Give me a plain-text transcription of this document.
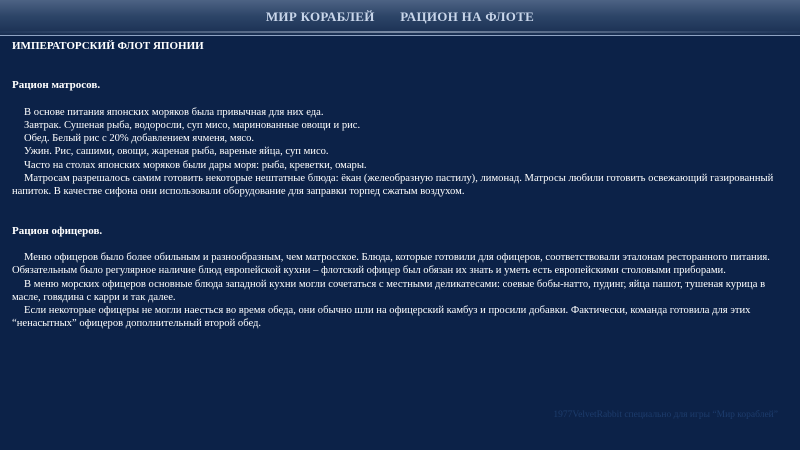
МИР КОРАБЛЕЙ РАЦИОН НА ФЛОТЕ

ИМПЕРАТОРСКИЙ ФЛОТ ЯПОНИИ

Рацион матросов.

В основе питания японских моряков была привычная для них еда.

Завтрак. Сушеная рыба, водоросли, суп мисо, маринованные овощи и рис.

Обед. Белый рис с 20% добавлением ячменя, мясо.

Ужин. Рис, сашими, овощи, жареная рыба, вареные яйца, суп мисо.

Часто на столах японских моряков были дары моря: рыба, креветки, омары.

Матросам разрешалось самим готовить некоторые нештатные блюда: ёкан (желеобразную пастилу), лимонад. Матросы любили готовить освежающий газированный напиток. В качестве сифона они использовали оборудование для заправки торпед сжатым воздухом.

Рацион офицеров.

Меню офицеров было более обильным и разнообразным, чем матросское. Блюда, которые готовили для офицеров, соответствовали эталонам ресторанного питания. Обязательным было регулярное наличие блюд европейской кухни – флотский офицер был обязан их знать и уметь есть европейскими столовыми приборами.

В меню морских офицеров основные блюда западной кухни могли сочетаться с местными деликатесами: соевые бобы-натто, пудинг, яйца пашот, тушеная курица в масле, говядина с карри и так далее.

Если некоторые офицеры не могли наесться во время обеда, они обычно шли на офицерский камбуз и просили добавки. Фактически, команда готовила для этих “ненасытных” офицеров дополнительный второй обед.

1977VelvetRabbit специально для игры “Мир кораблей”
